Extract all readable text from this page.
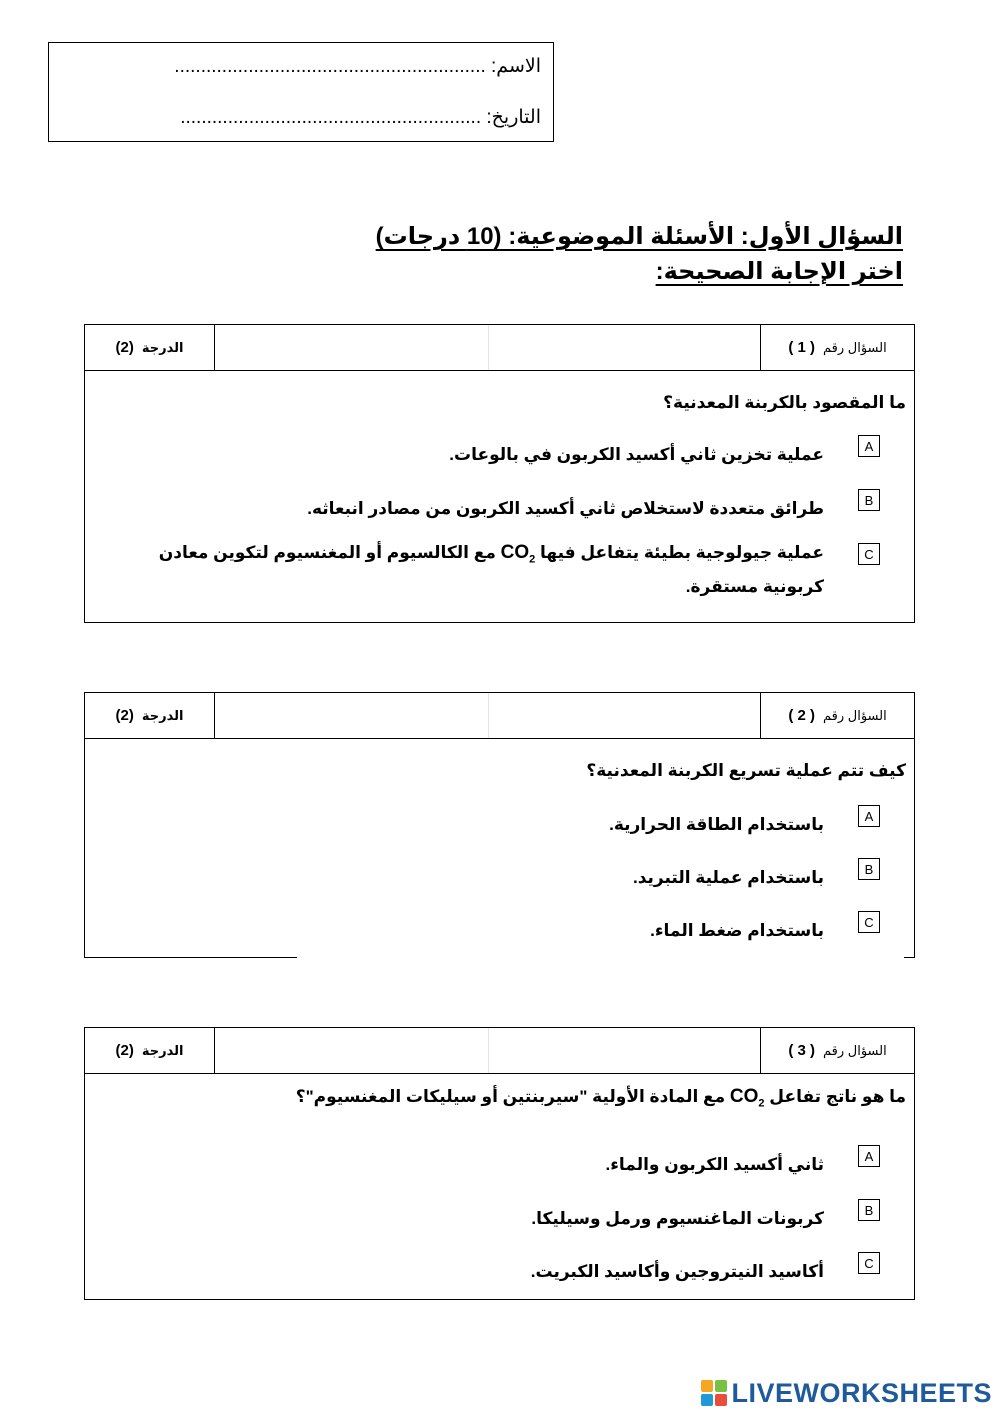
الاسم: ...........................................................
التاريخ: .........................................................
السؤال الأول: الأسئلة الموضوعية: (10 درجات)
اختر الإجابة الصحيحة:
السؤال رقم
( 1 )
الدرجة
(2)
ما المقصود بالكربنة المعدنية؟
A
عملية تخزين ثاني أكسيد الكربون في بالوعات.
B
طرائق متعددة لاستخلاص ثاني أكسيد الكربون من مصادر انبعاثه.
C
عملية جيولوجية بطيئة يتفاعل فيها $CO_2$ مع الكالسيوم أو المغنسيوم لتكوين معادن كربونية مستقرة.
السؤال رقم
( 2 )
الدرجة
(2)
كيف تتم عملية تسريع الكربنة المعدنية؟
A
باستخدام الطاقة الحرارية.
B
باستخدام عملية التبريد.
C
باستخدام ضغط الماء.
السؤال رقم
( 3 )
الدرجة
(2)
ما هو ناتج تفاعل $CO_2$ مع المادة الأولية "سيربنتين أو سيليكات المغنسيوم"؟
A
ثاني أكسيد الكربون والماء.
B
كربونات الماغنسيوم ورمل وسيليكا.
C
أكاسيد النيتروجين وأكاسيد الكبريت.
LIVEWORKSHEETS
